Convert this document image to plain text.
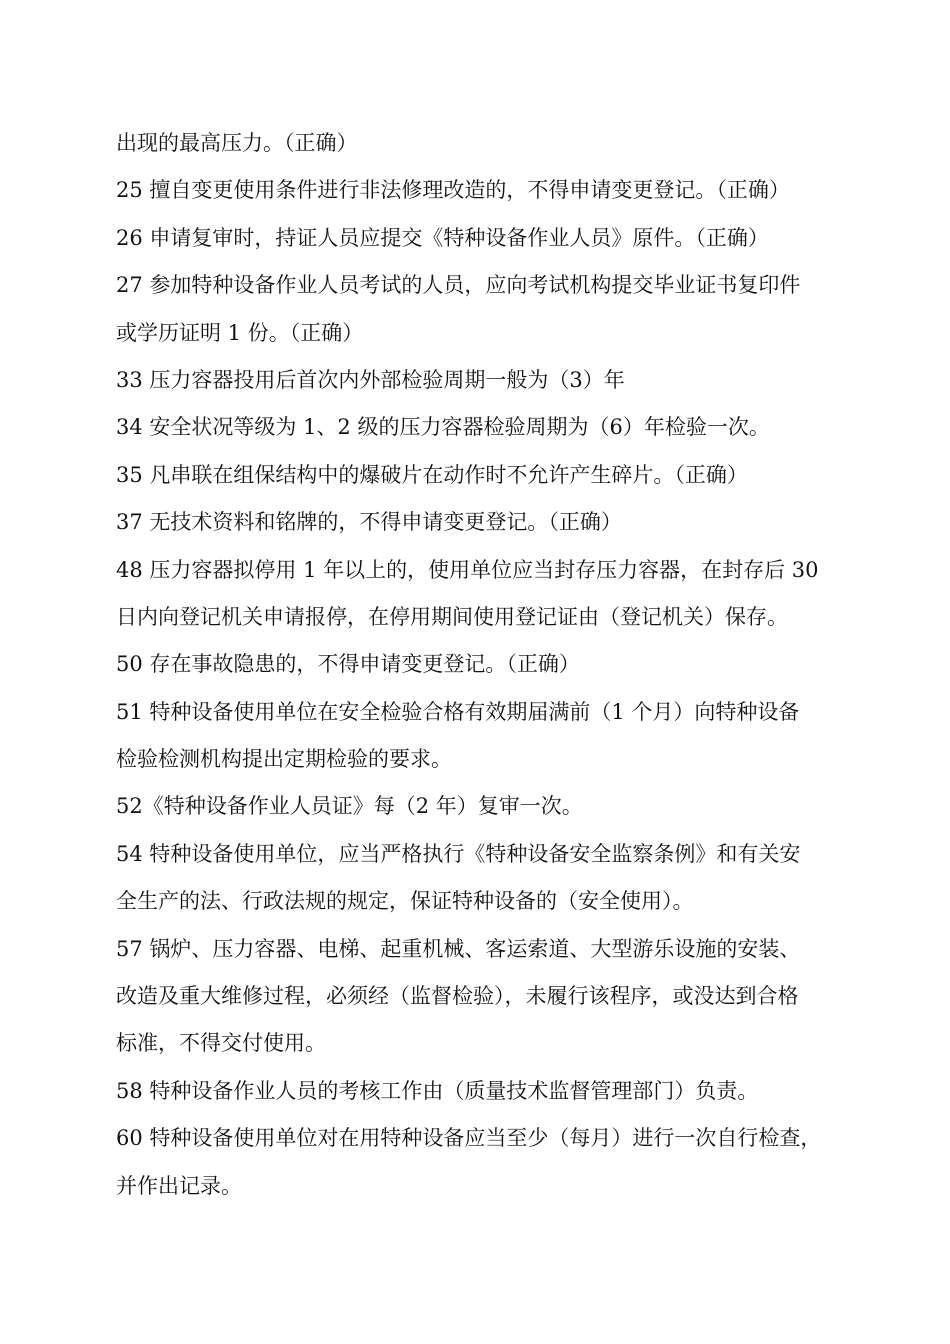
出现的最高压力。（正确）
25 擅自变更使用条件进行非法修理改造的，不得申请变更登记。（正确）
26 申请复审时，持证人员应提交《特种设备作业人员》原件。（正确）
27 参加特种设备作业人员考试的人员，应向考试机构提交毕业证书复印件
或学历证明 1 份。（正确）
33 压力容器投用后首次内外部检验周期一般为（3）年
34 安全状况等级为 1、2 级的压力容器检验周期为（6）年检验一次。
35 凡串联在组保结构中的爆破片在动作时不允许产生碎片。（正确）
37 无技术资料和铭牌的，不得申请变更登记。（正确）
48 压力容器拟停用 1 年以上的，使用单位应当封存压力容器，在封存后 30
日内向登记机关申请报停，在停用期间使用登记证由（登记机关）保存。
50 存在事故隐患的，不得申请变更登记。（正确）
51 特种设备使用单位在安全检验合格有效期届满前（1 个月）向特种设备
检验检测机构提出定期检验的要求。
52《特种设备作业人员证》每（2 年）复审一次。
54 特种设备使用单位，应当严格执行《特种设备安全监察条例》和有关安
全生产的法、行政法规的规定，保证特种设备的（安全使用）。
57 锅炉、压力容器、电梯、起重机械、客运索道、大型游乐设施的安装、
改造及重大维修过程，必须经（监督检验），未履行该程序，或没达到合格
标准，不得交付使用。
58 特种设备作业人员的考核工作由（质量技术监督管理部门）负责。
60 特种设备使用单位对在用特种设备应当至少（每月）进行一次自行检查，
并作出记录。
